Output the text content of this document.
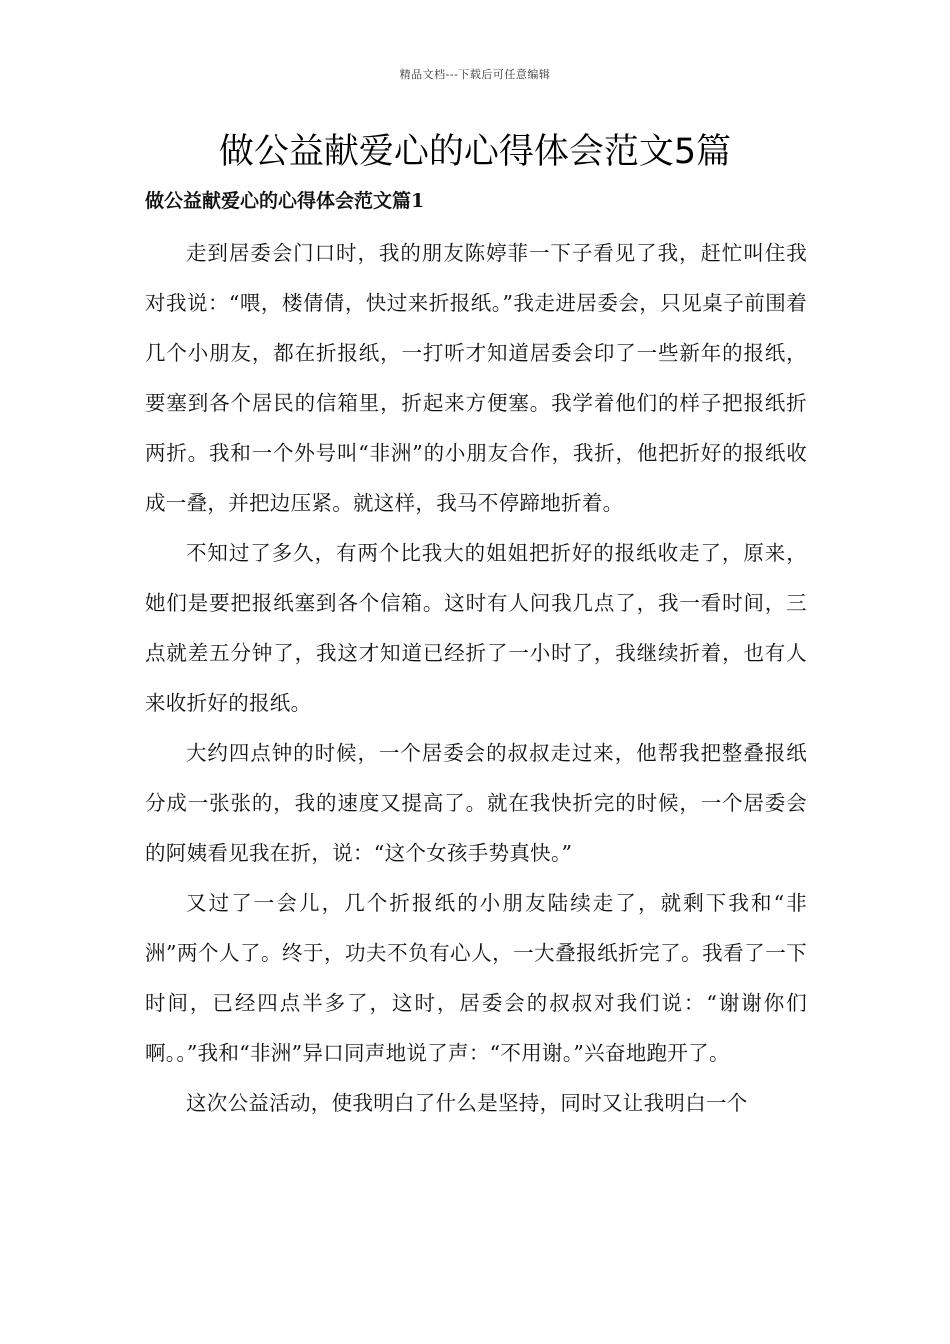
精品文档---下载后可任意编辑
做公益献爱心的心得体会范文5篇
做公益献爱心的心得体会范文篇1

走到居委会门口时，我的朋友陈婷菲一下子看见了我，赶忙叫住我对我说：“喂，楼倩倩，快过来折报纸。”我走进居委会，只见桌子前围着几个小朋友，都在折报纸，一打听才知道居委会印了一些新年的报纸，要塞到各个居民的信箱里，折起来方便塞。我学着他们的样子把报纸折两折。我和一个外号叫“非洲”的小朋友合作，我折，他把折好的报纸收成一叠，并把边压紧。就这样，我马不停蹄地折着。

不知过了多久，有两个比我大的姐姐把折好的报纸收走了，原来，她们是要把报纸塞到各个信箱。这时有人问我几点了，我一看时间，三点就差五分钟了，我这才知道已经折了一小时了，我继续折着，也有人来收折好的报纸。

大约四点钟的时候，一个居委会的叔叔走过来，他帮我把整叠报纸分成一张张的，我的速度又提高了。就在我快折完的时候，一个居委会的阿姨看见我在折，说：“这个女孩手势真快。”

又过了一会儿，几个折报纸的小朋友陆续走了，就剩下我和“非洲”两个人了。终于，功夫不负有心人，一大叠报纸折完了。我看了一下时间，已经四点半多了，这时，居委会的叔叔对我们说：“谢谢你们啊。。”我和“非洲”异口同声地说了声：“不用谢。”兴奋地跑开了。

这次公益活动，使我明白了什么是坚持，同时又让我明白一个
